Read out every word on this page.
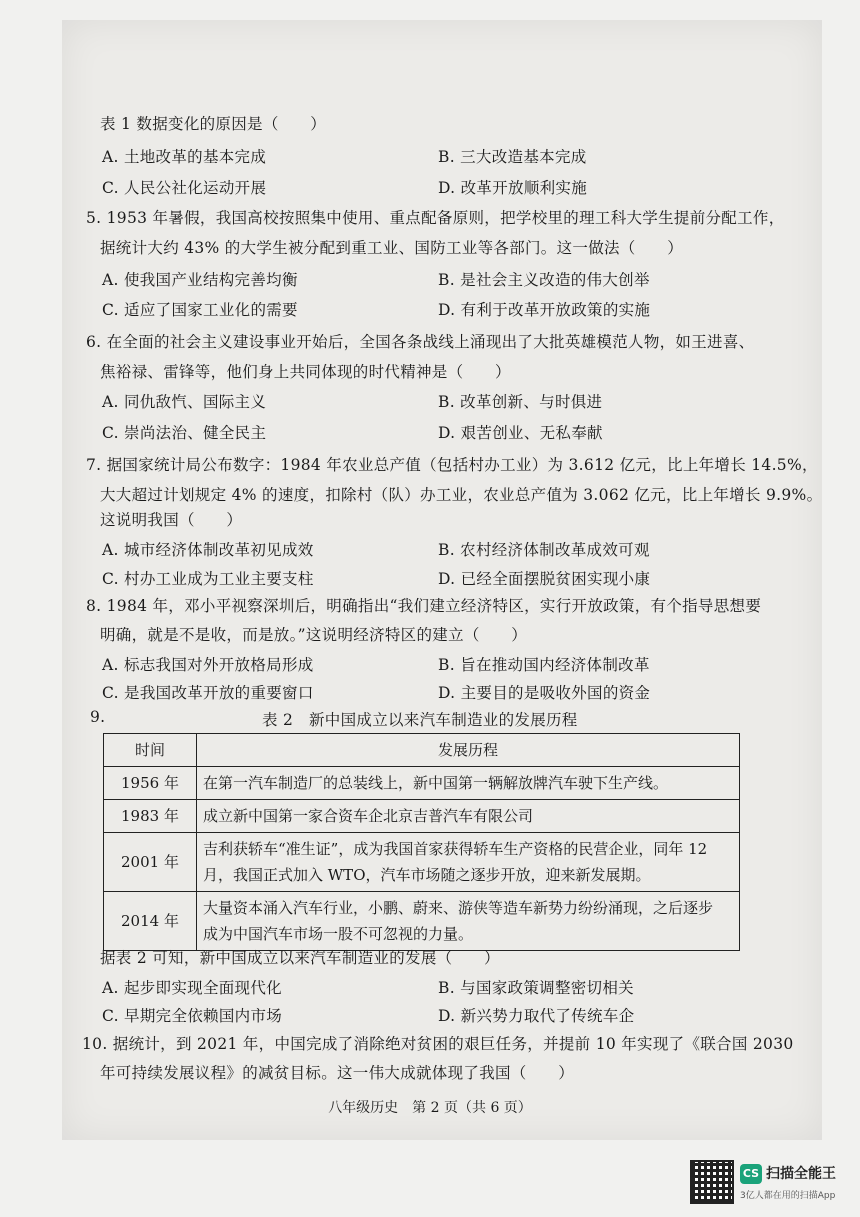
表 1 数据变化的原因是（　　）
A. 土地改革的基本完成	B. 三大改造基本完成
C. 人民公社化运动开展	D. 改革开放顺利实施
5. 1953 年暑假，我国高校按照集中使用、重点配备原则，把学校里的理工科大学生提前分配工作，
据统计大约 43% 的大学生被分配到重工业、国防工业等各部门。这一做法（　　）
A. 使我国产业结构完善均衡	B. 是社会主义改造的伟大创举
C. 适应了国家工业化的需要	D. 有利于改革开放政策的实施
6. 在全面的社会主义建设事业开始后，全国各条战线上涌现出了大批英雄模范人物，如王进喜、
焦裕禄、雷锋等，他们身上共同体现的时代精神是（　　）
A. 同仇敌忾、国际主义	B. 改革创新、与时俱进
C. 崇尚法治、健全民主	D. 艰苦创业、无私奉献
7. 据国家统计局公布数字：1984 年农业总产值（包括村办工业）为 3.612 亿元，比上年增长 14.5%，
大大超过计划规定 4% 的速度，扣除村（队）办工业，农业总产值为 3.062 亿元，比上年增长 9.9%。
这说明我国（　　）
A. 城市经济体制改革初见成效	B. 农村经济体制改革成效可观
C. 村办工业成为工业主要支柱	D. 已经全面摆脱贫困实现小康
8. 1984 年，邓小平视察深圳后，明确指出“我们建立经济特区，实行开放政策，有个指导思想要
明确，就是不是收，而是放。”这说明经济特区的建立（　　）
A. 标志我国对外开放格局形成	B. 旨在推动国内经济体制改革
C. 是我国改革开放的重要窗口	D. 主要目的是吸收外国的资金
9.	表 2　新中国成立以来汽车制造业的发展历程
时间	发展历程
1956 年	在第一汽车制造厂的总装线上，新中国第一辆解放牌汽车驶下生产线。
1983 年	成立新中国第一家合资车企北京吉普汽车有限公司
2001 年	吉利获轿车“准生证”，成为我国首家获得轿车生产资格的民营企业，同年 12
月，我国正式加入 WTO，汽车市场随之逐步开放，迎来新发展期。

2014 年	大量资本涌入汽车行业，小鹏、蔚来、游侠等造车新势力纷纷涌现，之后逐步
成为中国汽车市场一股不可忽视的力量。
据表 2 可知，新中国成立以来汽车制造业的发展（　　）
A. 起步即实现全面现代化	B. 与国家政策调整密切相关
C. 早期完全依赖国内市场	D. 新兴势力取代了传统车企
10. 据统计，到 2021 年，中国完成了消除绝对贫困的艰巨任务，并提前 10 年实现了《联合国 2030
年可持续发展议程》的减贫目标。这一伟大成就体现了我国（　　）
八年级历史　第 2 页（共 6 页）
CS 扫描全能王
3亿人都在用的扫描App
